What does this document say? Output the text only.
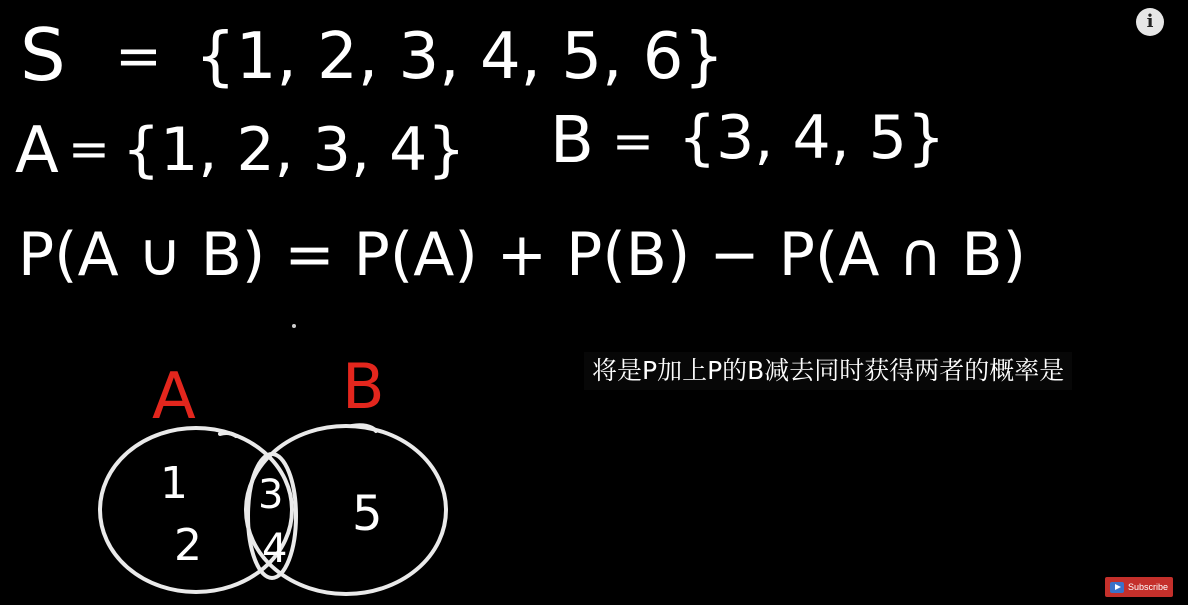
S = {1, 2, 3, 4, 5, 6}
A = {1, 2, 3, 4} B = {3, 4, 5}
P(A ∪ B) = P(A) + P(B) − P(A ∩ B)
A B
1
2
3
4
5
i
将是P加上P的B减去同时获得两者的概率是
Subscribe
